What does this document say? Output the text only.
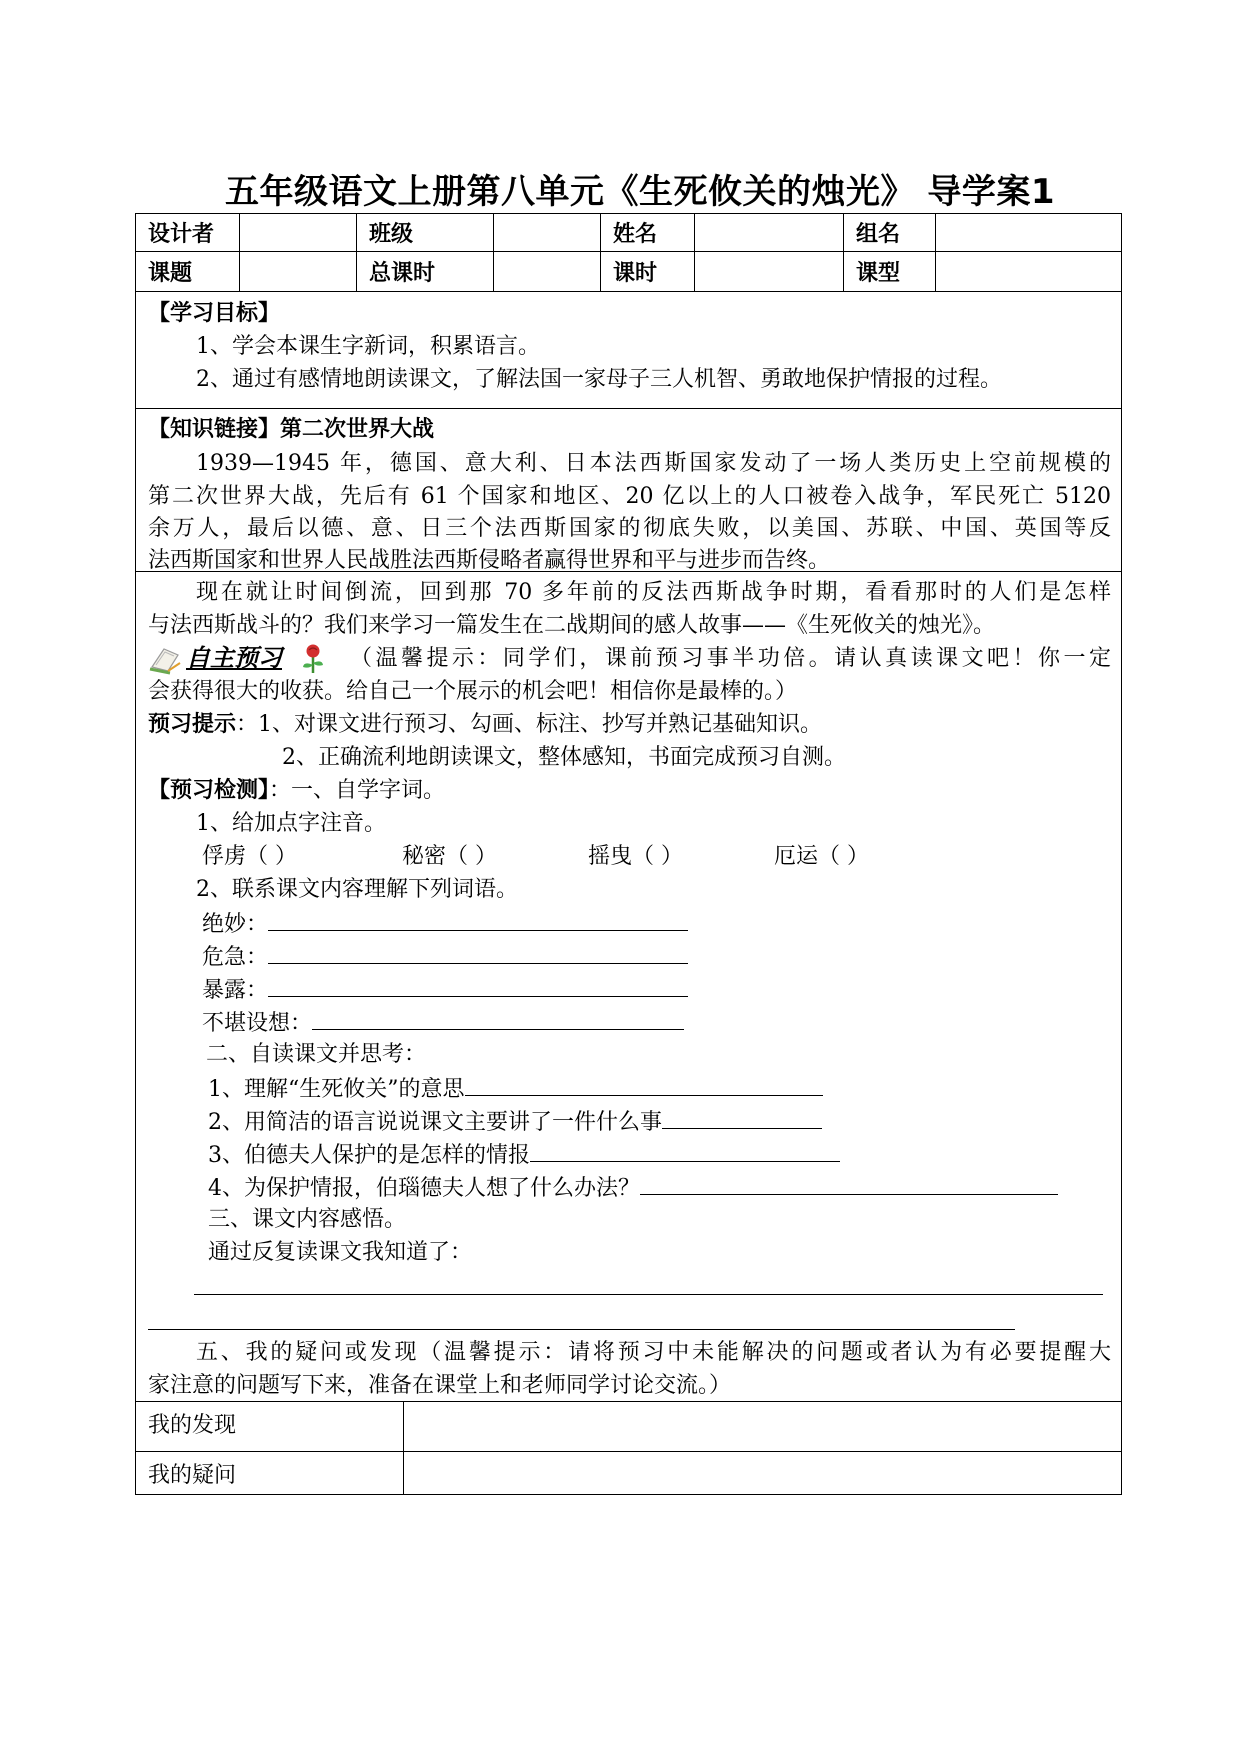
五年级语文上册第八单元《生死攸关的烛光》 导学案1
设计者	班级	姓名	组名
课题	总课时	课时	课型
【学习目标】
1、学会本课生字新词，积累语言。
2、通过有感情地朗读课文，了解法国一家母子三人机智、勇敢地保护情报的过程。
【知识链接】第二次世界大战
1939—1945 年，德国、意大利、日本法西斯国家发动了一场人类历史上空前规模的
第二次世界大战，先后有 61 个国家和地区、20 亿以上的人口被卷入战争，军民死亡 5120
余万人，最后以德、意、日三个法西斯国家的彻底失败，以美国、苏联、中国、英国等反
法西斯国家和世界人民战胜法西斯侵略者赢得世界和平与进步而告终。
现在就让时间倒流，回到那 70 多年前的反法西斯战争时期，看看那时的人们是怎样
与法西斯战斗的？我们来学习一篇发生在二战期间的感人故事——《生死攸关的烛光》。
自主预习	（温馨提示：同学们，课前预习事半功倍。请认真读课文吧！你一定
会获得很大的收获。给自己一个展示的机会吧！相信你是最棒的。）
预习提示：1、对课文进行预习、勾画、标注、抄写并熟记基础知识。
2、正确流利地朗读课文，整体感知，书面完成预习自测。
【预习检测】：一、自学字词。
1、给加点字注音。
俘虏（ ）	秘密（ ）	摇曳（ ）	厄运（ ）
2、联系课文内容理解下列词语。
绝妙：
危急：
暴露：
不堪设想：
二、自读课文并思考：
1、理解“生死攸关”的意思
2、用简洁的语言说说课文主要讲了一件什么事
3、伯德夫人保护的是怎样的情报
4、为保护情报，伯瑙德夫人想了什么办法？
三、课文内容感悟。
通过反复读课文我知道了：
五、我的疑问或发现（温馨提示：请将预习中未能解决的问题或者认为有必要提醒大
家注意的问题写下来，准备在课堂上和老师同学讨论交流。）
我的发现
我的疑问
